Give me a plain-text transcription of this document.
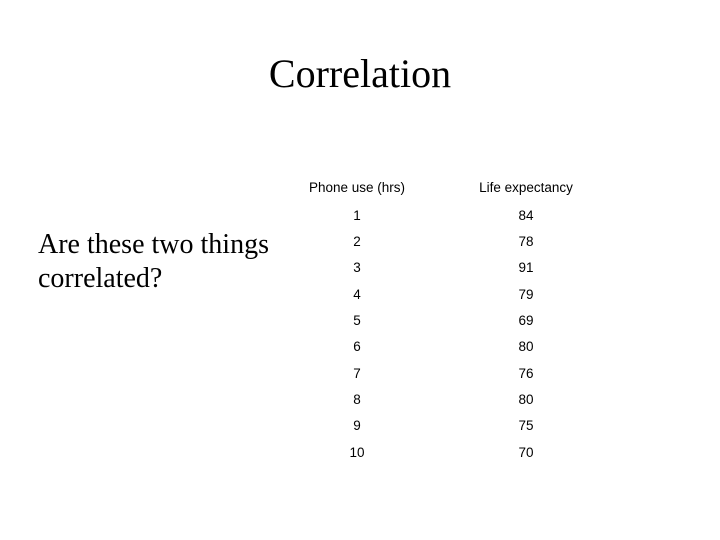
Correlation
Are these two things correlated?
Phone use (hrs)	Life expectancy
1	84
2	78
3	91
4	79
5	69
6	80
7	76
8	80
9	75
10	70
